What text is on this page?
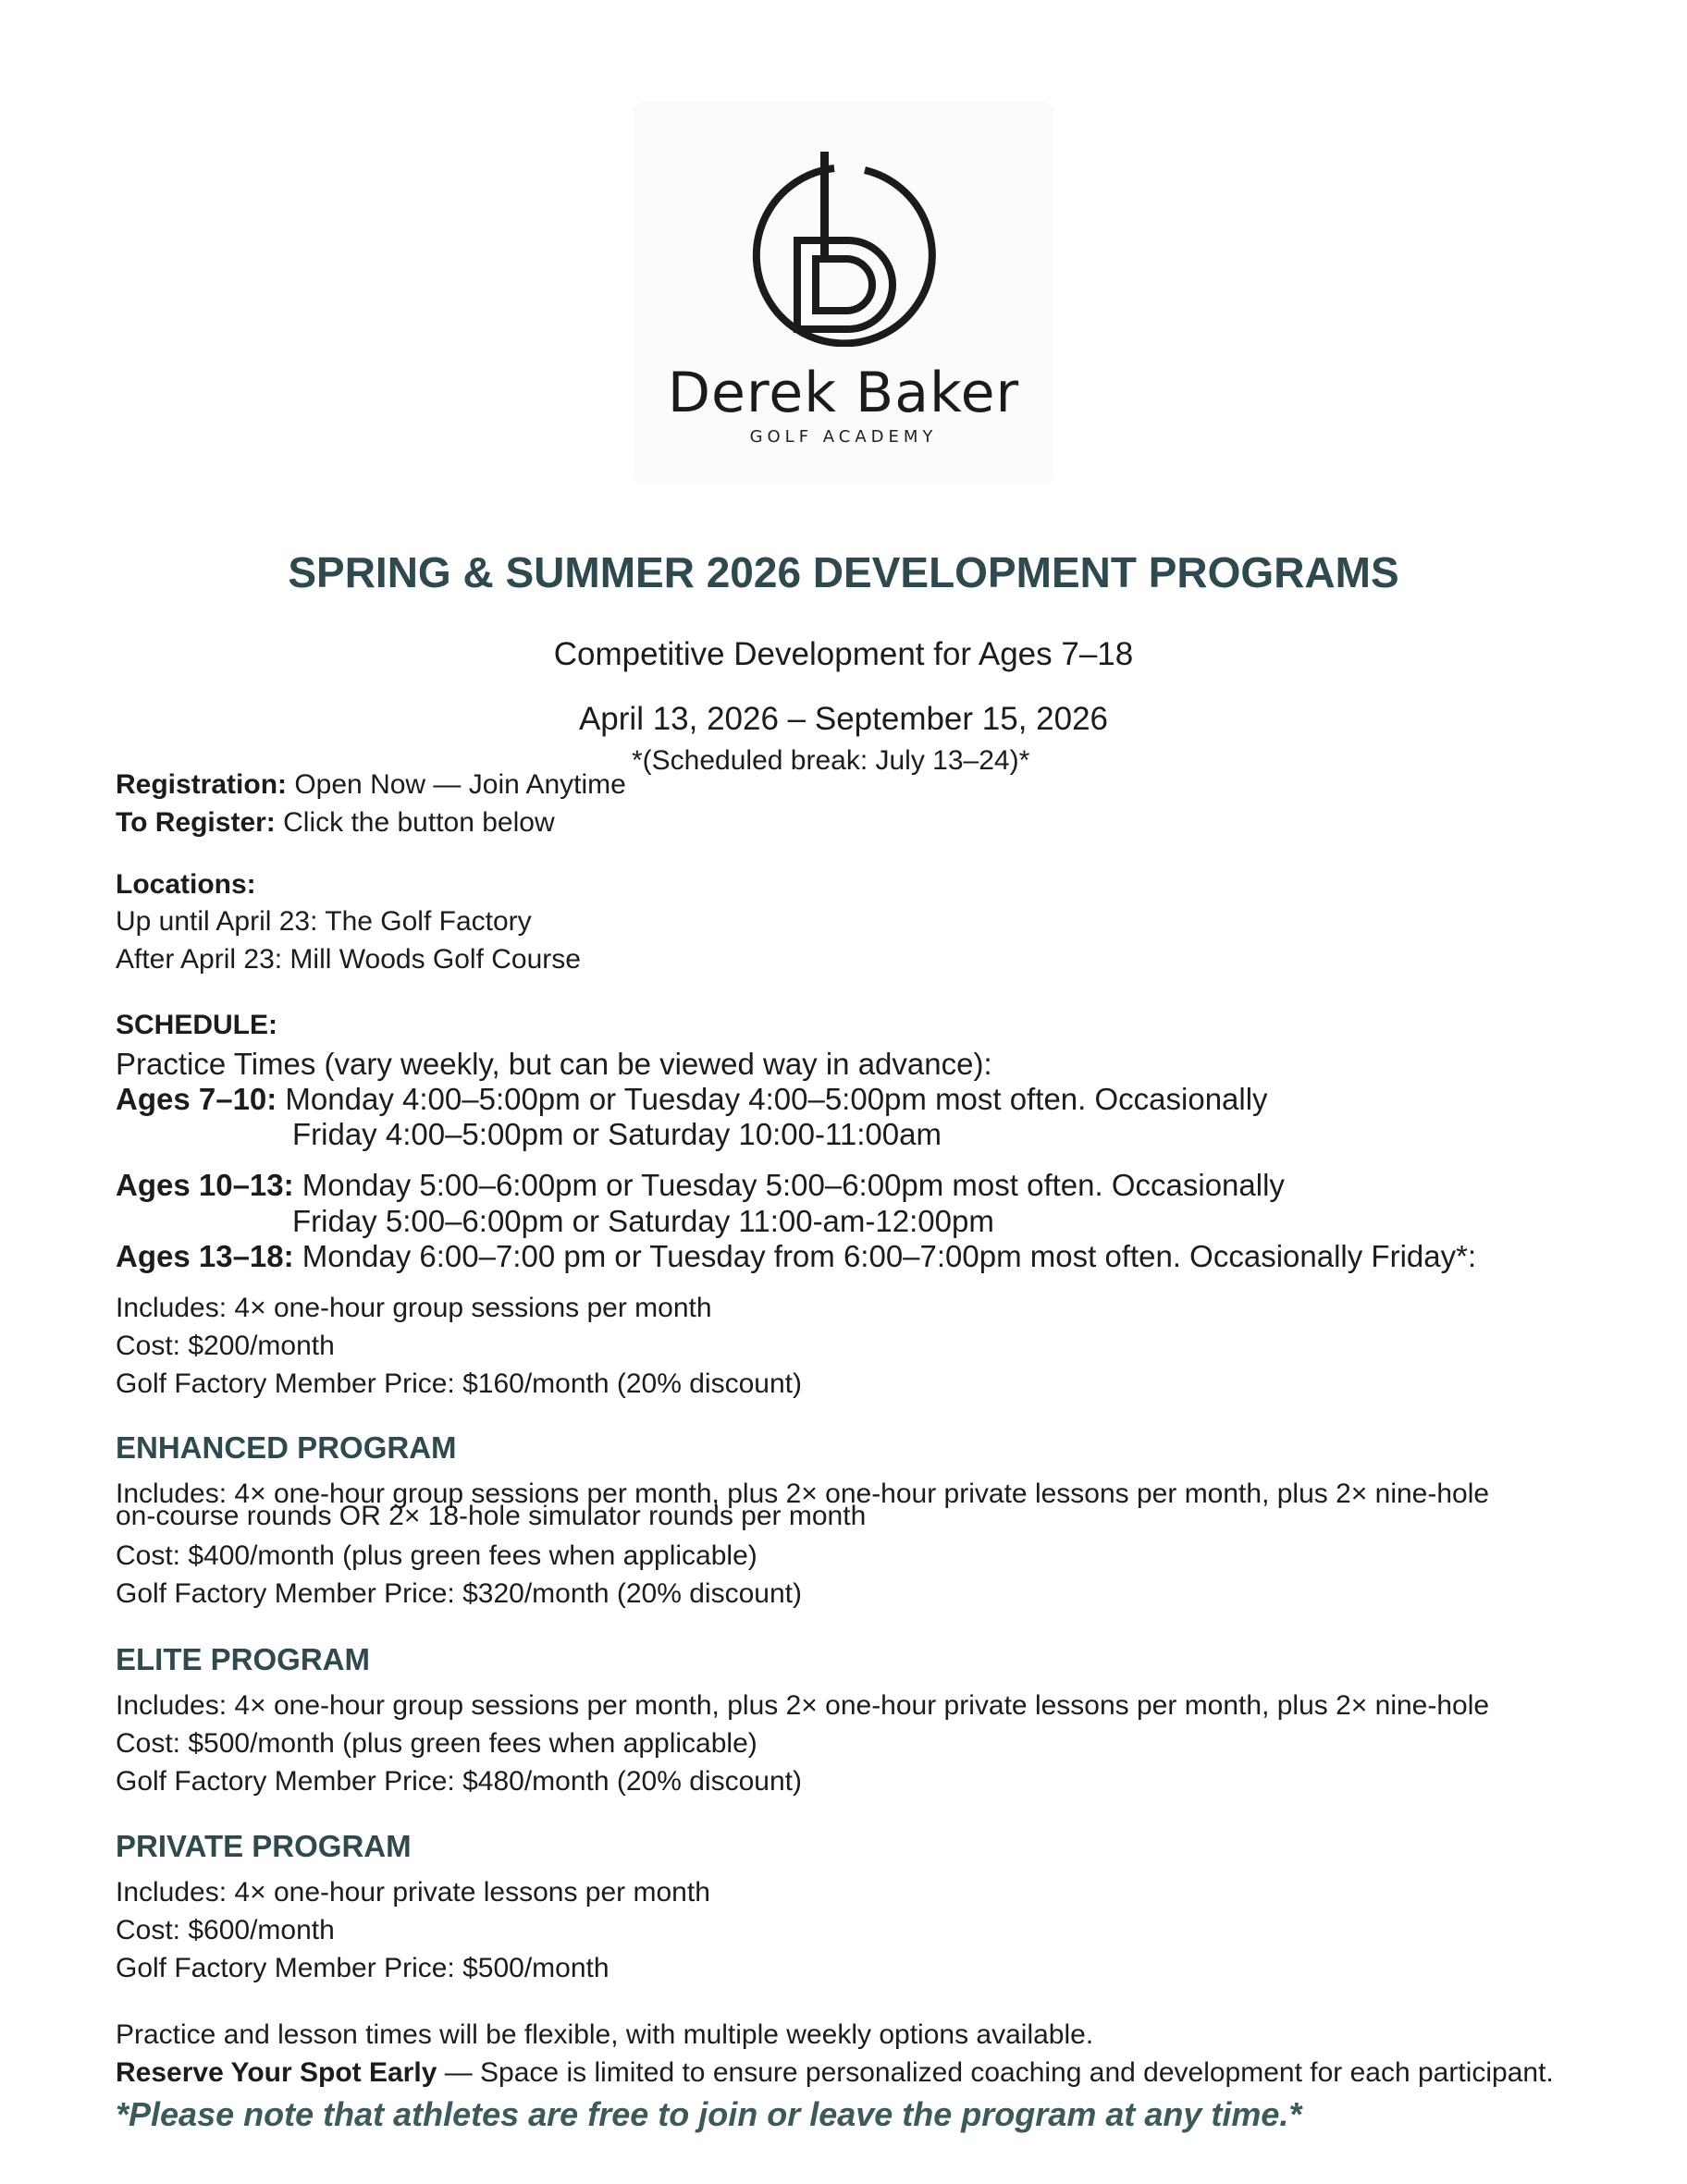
Derek Baker
GOLF ACADEMY
SPRING & SUMMER 2026 DEVELOPMENT PROGRAMS
Competitive Development for Ages 7–18
April 13, 2026 – September 15, 2026
*(Scheduled break: July 13–24)*
Registration: Open Now — Join Anytime
To Register: Click the button below
Locations:
Up until April 23: The Golf Factory
After April 23: Mill Woods Golf Course
SCHEDULE:
Practice Times (vary weekly, but can be viewed way in advance):
Ages 7–10: Monday 4:00–5:00pm or Tuesday 4:00–5:00pm most often. Occasionally
Friday 4:00–5:00pm or Saturday 10:00-11:00am
Ages 10–13: Monday 5:00–6:00pm or Tuesday 5:00–6:00pm most often. Occasionally
Friday 5:00–6:00pm or Saturday 11:00-am-12:00pm
Ages 13–18: Monday 6:00–7:00 pm or Tuesday from 6:00–7:00pm most often. Occasionally Friday*:
Includes: 4× one-hour group sessions per month
Cost: $200/month
Golf Factory Member Price: $160/month (20% discount)
ENHANCED PROGRAM
Includes: 4× one-hour group sessions per month, plus 2× one-hour private lessons per month, plus 2× nine-hole
on-course rounds OR 2× 18-hole simulator rounds per month
Cost: $400/month (plus green fees when applicable)
Golf Factory Member Price: $320/month (20% discount)
ELITE PROGRAM
Includes: 4× one-hour group sessions per month, plus 2× one-hour private lessons per month, plus 2× nine-hole
Cost: $500/month (plus green fees when applicable)
Golf Factory Member Price: $480/month (20% discount)
PRIVATE PROGRAM
Includes: 4× one-hour private lessons per month
Cost: $600/month
Golf Factory Member Price: $500/month
Practice and lesson times will be flexible, with multiple weekly options available.
Reserve Your Spot Early — Space is limited to ensure personalized coaching and development for each participant.
*Please note that athletes are free to join or leave the program at any time.*
